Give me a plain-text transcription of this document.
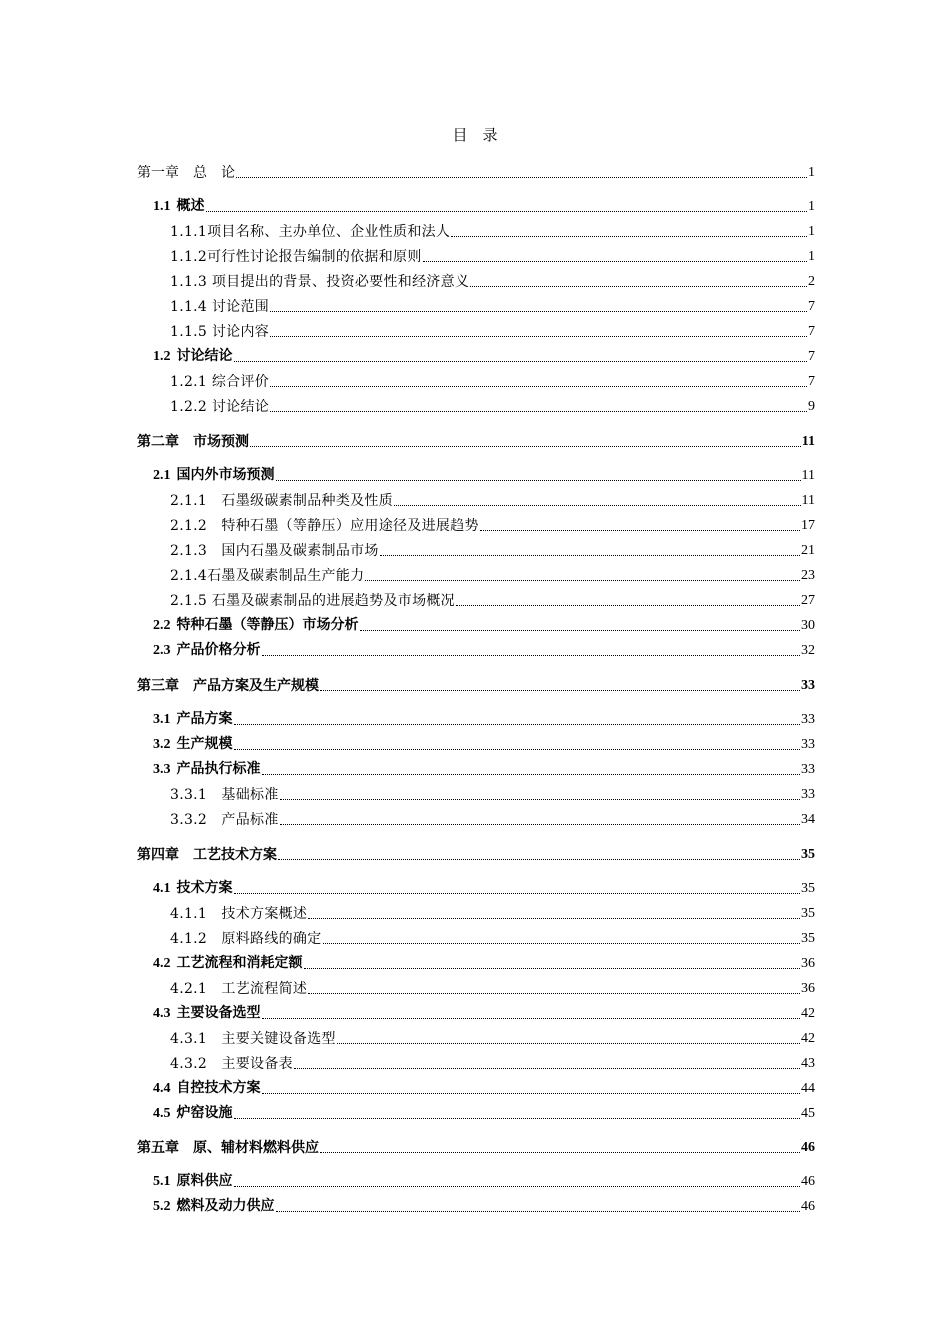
目　录
第一章　总　论	1
1.1 概述	1
1.1.1项目名称、主办单位、企业性质和法人	1
1.1.2可行性讨论报告编制的依据和原则	1
1.1.3 项目提出的背景、投资必要性和经济意义	2
1.1.4 讨论范围	7
1.1.5 讨论内容	7
1.2 讨论结论	7
1.2.1 综合评价	7
1.2.2 讨论结论	9
第二章　市场预测	11
2.1 国内外市场预测	11
2.1.1　石墨级碳素制品种类及性质	11
2.1.2　特种石墨（等静压）应用途径及进展趋势	17
2.1.3　国内石墨及碳素制品市场	21
2.1.4石墨及碳素制品生产能力	23
2.1.5 石墨及碳素制品的进展趋势及市场概况	27
2.2 特种石墨（等静压）市场分析	30
2.3 产品价格分析	32
第三章　产品方案及生产规模	33
3.1 产品方案	33
3.2 生产规模	33
3.3 产品执行标准	33
3.3.1　基础标准	33
3.3.2　产品标准	34
第四章　工艺技术方案	35
4.1 技术方案	35
4.1.1　技术方案概述	35
4.1.2　原料路线的确定	35
4.2 工艺流程和消耗定额	36
4.2.1　工艺流程简述	36
4.3 主要设备选型	42
4.3.1　主要关键设备选型	42
4.3.2　主要设备表	43
4.4 自控技术方案	44
4.5 炉窑设施	45
第五章　原、辅材料燃料供应	46
5.1 原料供应	46
5.2 燃料及动力供应	46
